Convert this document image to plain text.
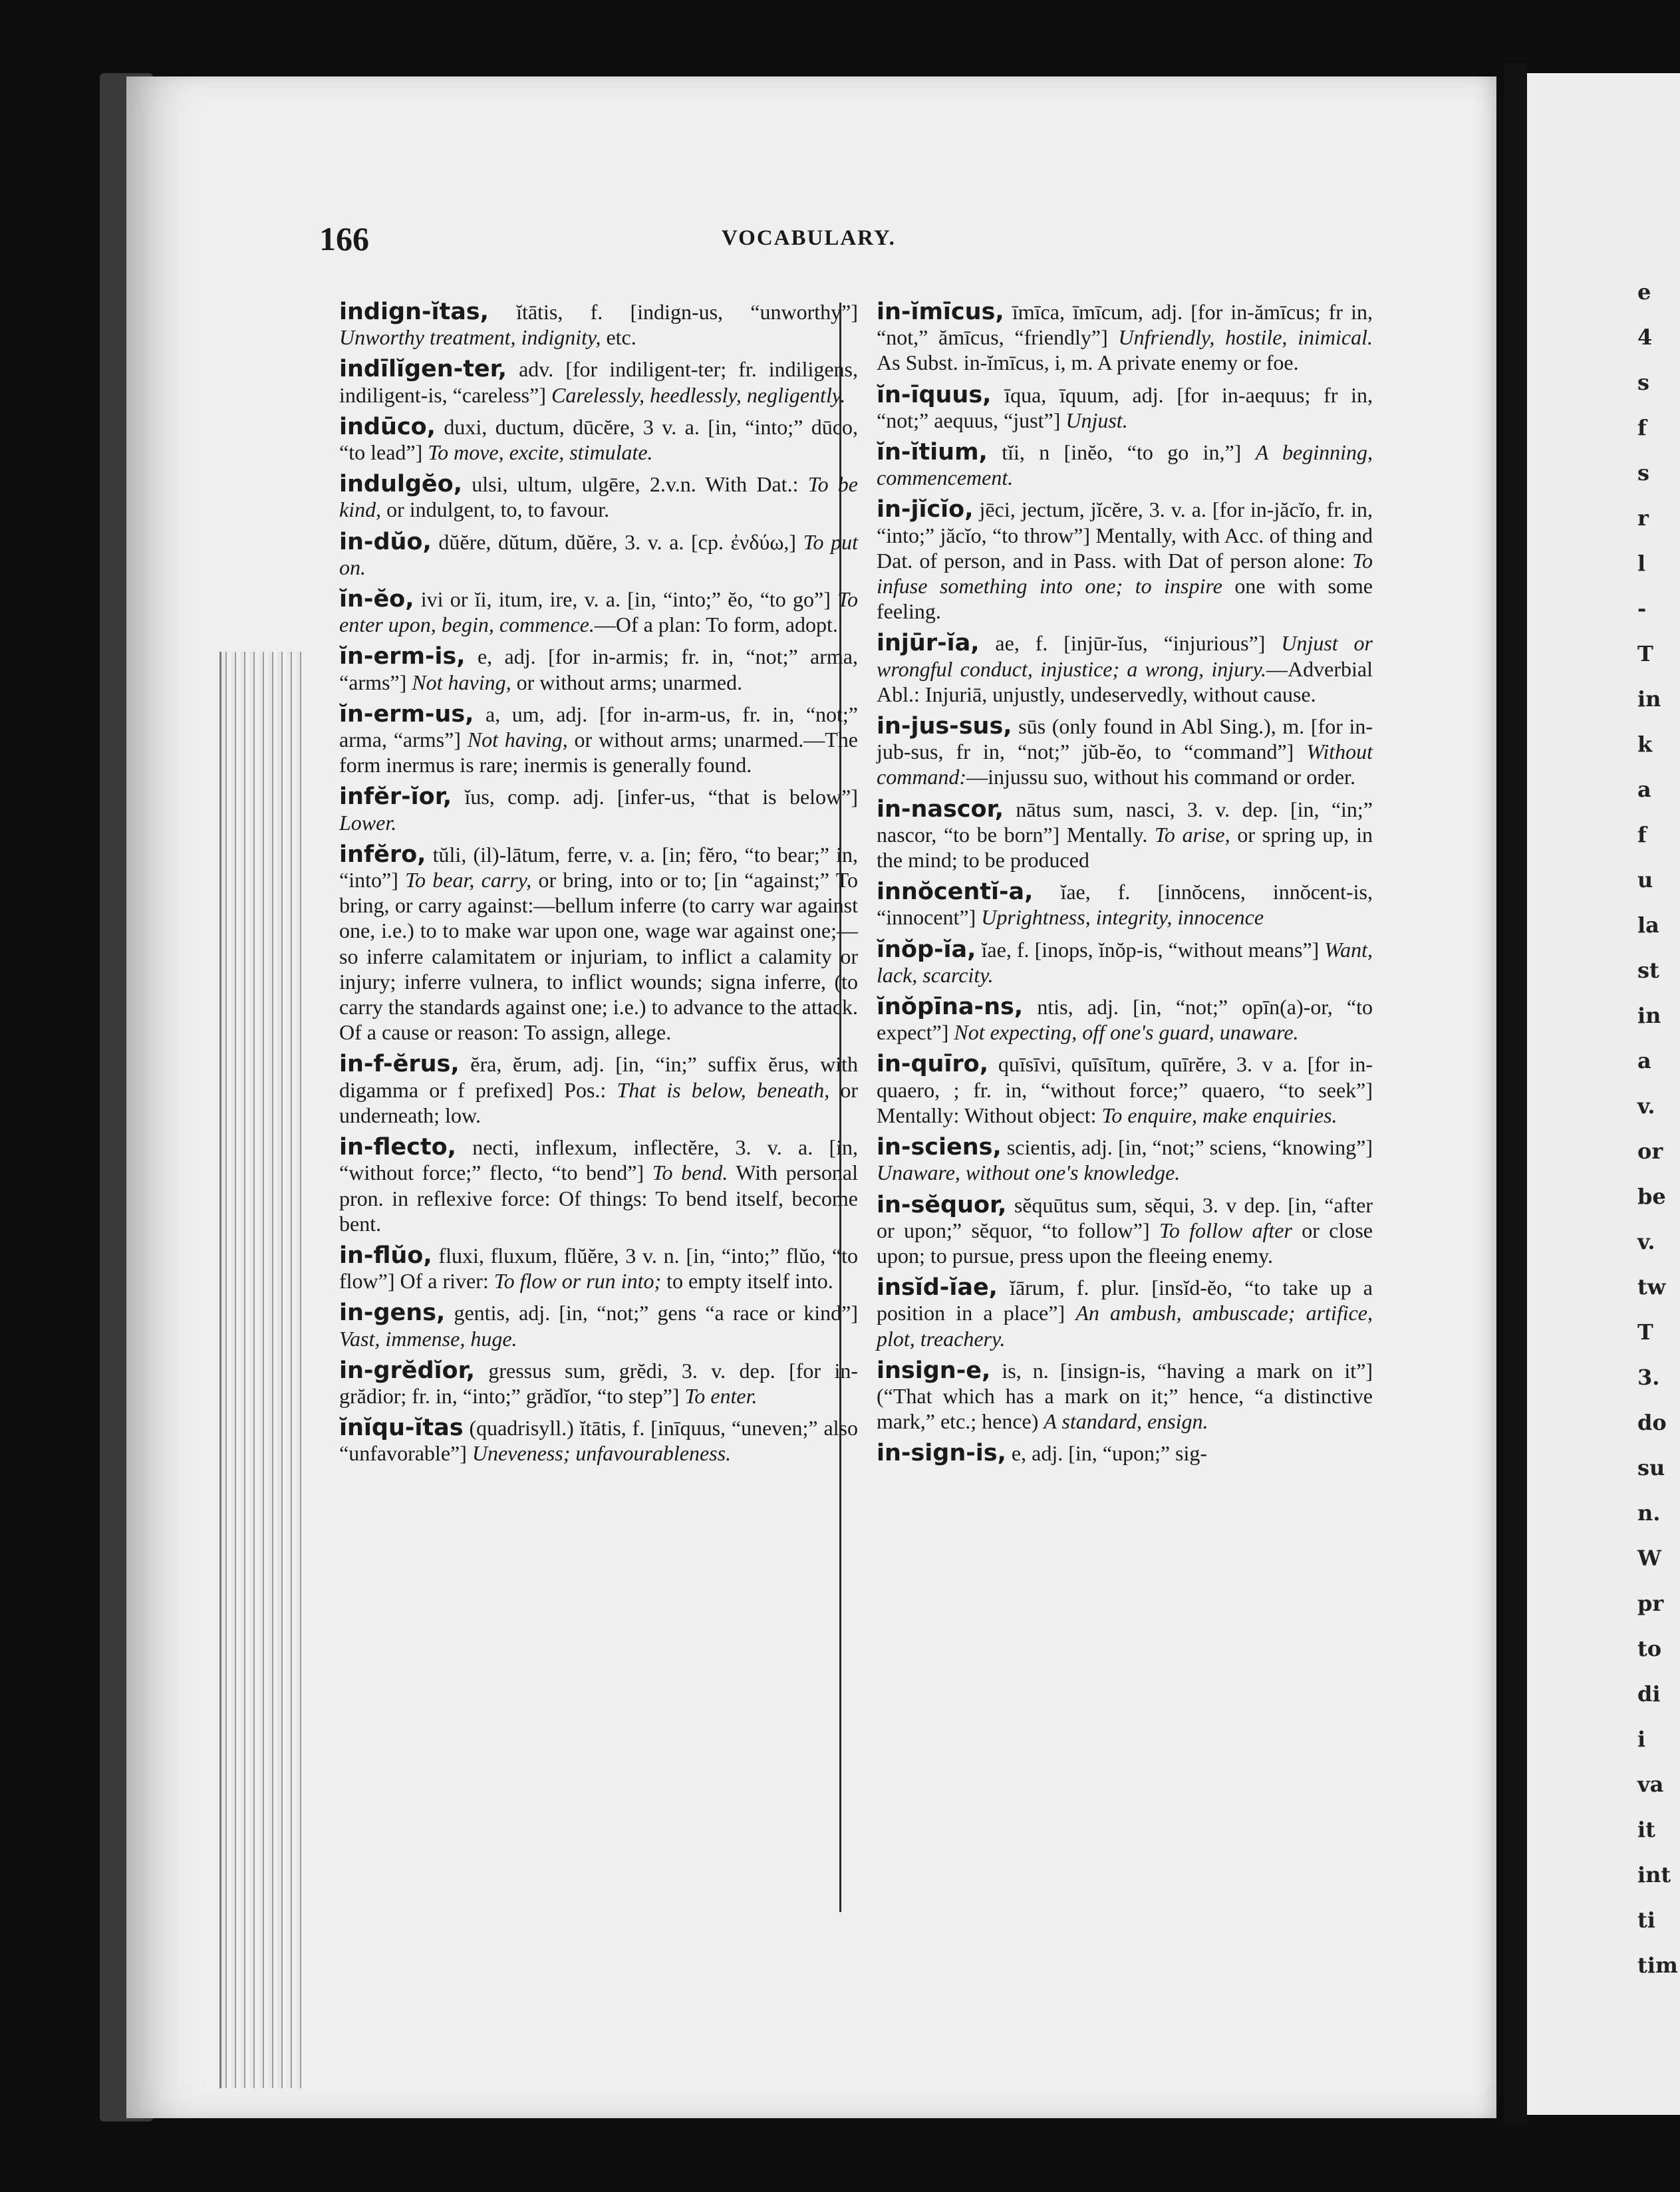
166	VOCABULARY.

indign-ĭtas, ĭtātis, f. [indign-us, “unworthy”] Unworthy treatment, indignity, etc.

indīlĭgen-ter, adv. [for indiligent-ter; fr. indiligens, indiligent-is, “careless”] Carelessly, heedlessly, negligently.

indūco, duxi, ductum, dūcĕre, 3 v. a. [in, “into;” dūco, “to lead”] To move, excite, stimulate.

indulgĕo, ulsi, ultum, ulgēre, 2.v.n. With Dat.: To be kind, or indulgent, to, to favour.

in-dŭo, dŭĕre, dŭtum, dŭĕre, 3. v. a. [cp. ἐνδύω,] To put on.

ĭn-ĕo, ivi or ĭi, itum, ire, v. a. [in, “into;” ĕo, “to go”] To enter upon, begin, commence.—Of a plan: To form, adopt.

ĭn-erm-is, e, adj. [for in-armis; fr. in, “not;” arma, “arms”] Not having, or without arms; unarmed.

ĭn-erm-us, a, um, adj. [for in-arm-us, fr. in, “not;” arma, “arms”] Not having, or without arms; unarmed.—The form inermus is rare; inermis is generally found.

infĕr-ĭor, ĭus, comp. adj. [infer-us, “that is below”] Lower.

infĕro, tŭli, (il)-lātum, ferre, v. a. [in; fĕro, “to bear;” in, “into”] To bear, carry, or bring, into or to; [in “against;” To bring, or carry against:—bellum inferre (to carry war against one, i.e.) to to make war upon one, wage war against one;—so inferre calamitatem or injuriam, to inflict a calamity or injury; inferre vulnera, to inflict wounds; signa inferre, (to carry the standards against one; i.e.) to advance to the attack. Of a cause or reason: To assign, allege.

in-f-ĕrus, ĕra, ĕrum, adj. [in, “in;” suffix ĕrus, with digamma or f prefixed] Pos.: That is below, beneath, or underneath; low.

in-flecto, necti, inflexum, inflectĕre, 3. v. a. [in, “without force;” flecto, “to bend”] To bend. With personal pron. in reflexive force: Of things: To bend itself, become bent.

in-flŭo, fluxi, fluxum, flŭĕre, 3 v. n. [in, “into;” flŭo, “to flow”] Of a river: To flow or run into; to empty itself into.

in-gens, gentis, adj. [in, “not;” gens “a race or kind”] Vast, immense, huge.

in-grĕdĭor, gressus sum, grĕdi, 3. v. dep. [for in-grădior; fr. in, “into;” grădĭor, “to step”] To enter.

ĭnĭqu-ĭtas (quadrisyll.) ĭtātis, f. [inīquus, “uneven;” also “unfavorable”] Uneveness; unfavourableness.

in-ĭmīcus, īmīca, īmīcum, adj. [for in-ămīcus; fr in, “not,” ămīcus, “friendly”] Unfriendly, hostile, inimical. As Subst. in-ĭmīcus, i, m. A private enemy or foe.

ĭn-īquus, īqua, īquum, adj. [for in-aequus; fr in, “not;” aequus, “just”] Unjust.

ĭn-ĭtium, tĭi, n [inĕo, “to go in,”] A beginning, commencement.

in-jĭcĭo, jēci, jectum, jĭcĕre, 3. v. a. [for in-jăcĭo, fr. in, “into;” jăcĭo, “to throw”] Mentally, with Acc. of thing and Dat. of person, and in Pass. with Dat of person alone: To infuse something into one; to inspire one with some feeling.

injūr-ĭa, ae, f. [injūr-ĭus, “injurious”] Unjust or wrongful conduct, injustice; a wrong, injury.—Adverbial Abl.: Injuriā, unjustly, undeservedly, without cause.

in-jus-sus, sūs (only found in Abl Sing.), m. [for in-jub-sus, fr in, “not;” jŭb-ĕo, to “command”] Without command:—injussu suo, without his command or order.

in-nascor, nātus sum, nasci, 3. v. dep. [in, “in;” nascor, “to be born”] Mentally. To arise, or spring up, in the mind; to be produced

innŏcentĭ-a, ĭae, f. [innŏcens, innŏcent-is, “innocent”] Uprightness, integrity, innocence

ĭnŏp-ĭa, ĭae, f. [inops, ĭnŏp-is, “without means”] Want, lack, scarcity.

ĭnŏpīna-ns, ntis, adj. [in, “not;” opīn(a)-or, “to expect”] Not expecting, off one's guard, unaware.

in-quīro, quīsīvi, quīsītum, quīrĕre, 3. v a. [for in-quaero, ; fr. in, “without force;” quaero, “to seek”] Mentally: Without object: To enquire, make enquiries.

in-sciens, scientis, adj. [in, “not;” sciens, “knowing”] Unaware, without one's knowledge.

in-sĕquor, sĕquūtus sum, sĕqui, 3. v dep. [in, “after or upon;” sĕquor, “to follow”] To follow after or close upon; to pursue, press upon the fleeing enemy.

insĭd-ĭae, ĭārum, f. plur. [insĭd-ĕo, “to take up a position in a place”] An ambush, ambuscade; artifice, plot, treachery.

insign-e, is, n. [insign-is, “having a mark on it”] (“That which has a mark on it;” hence, “a distinctive mark,” etc.; hence) A standard, ensign.

in-sign-is, e, adj. [in, “upon;” sig-

e
4
s
f
s
r
l
-
T
in
k
a
f
u
la
st
in
a
v.
or
be
v.
tw
T
3.
do
su
n.
W
pr
to
di
i
va
it
int
ti
tim
